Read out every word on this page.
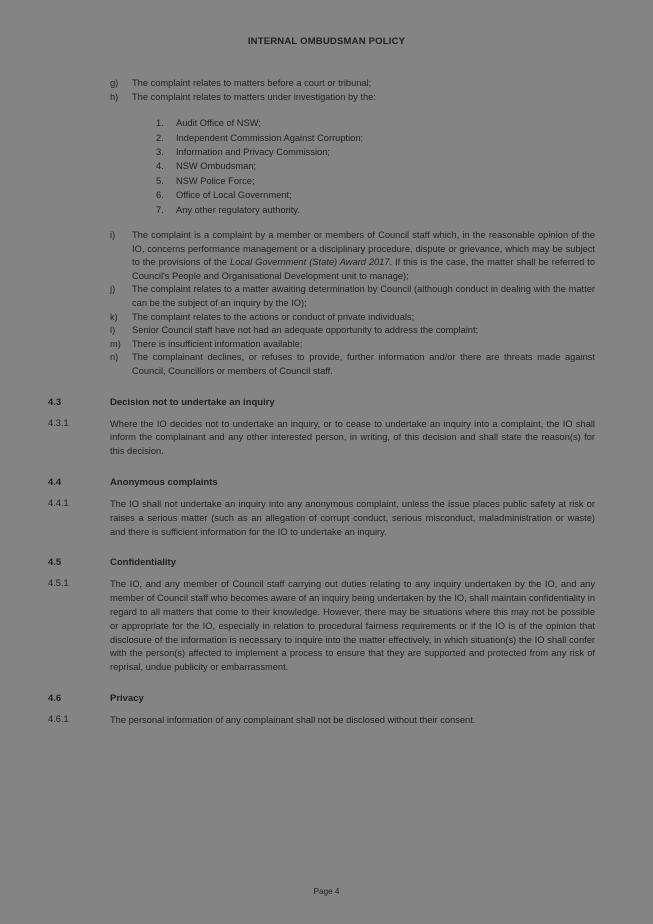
INTERNAL OMBUDSMAN POLICY
g)	The complaint relates to matters before a court or tribunal;
h)	The complaint relates to matters under investigation by the:
1.	Audit Office of NSW;
2.	Independent Commission Against Corruption;
3.	Information and Privacy Commission;
4.	NSW Ombudsman;
5.	NSW Police Force;
6.	Office of Local Government;
7.	Any other regulatory authority.
i)	The complaint is a complaint by a member or members of Council staff which, in the reasonable opinion of the IO, concerns performance management or a disciplinary procedure, dispute or grievance, which may be subject to the provisions of the Local Government (State) Award 2017. If this is the case, the matter shall be referred to Council's People and Organisational Development unit to manage);
j)	The complaint relates to a matter awaiting determination by Council (although conduct in dealing with the matter can be the subject of an inquiry by the IO);
k)	The complaint relates to the actions or conduct of private individuals;
l)	Senior Council staff have not had an adequate opportunity to address the complaint;
m)	There is insufficient information available;
n)	The complainant declines, or refuses to provide, further information and/or there are threats made against Council, Councillors or members of Council staff.
4.3	Decision not to undertake an inquiry
4.3.1	Where the IO decides not to undertake an inquiry, or to cease to undertake an inquiry into a complaint, the IO shall inform the complainant and any other interested person, in writing, of this decision and shall state the reason(s) for this decision.
4.4	Anonymous complaints
4.4.1	The IO shall not undertake an inquiry into any anonymous complaint, unless the issue places public safety at risk or raises a serious matter (such as an allegation of corrupt conduct, serious misconduct, maladministration or waste) and there is sufficient information for the IO to undertake an inquiry.
4.5	Confidentiality
4.5.1	The IO, and any member of Council staff carrying out duties relating to any inquiry undertaken by the IO, and any member of Council staff who becomes aware of an inquiry being undertaken by the IO, shall maintain confidentiality in regard to all matters that come to their knowledge. However, there may be situations where this may not be possible or appropriate for the IO, especially in relation to procedural fairness requirements or if the IO is of the opinion that disclosure of the information is necessary to inquire into the matter effectively, in which situation(s) the IO shall confer with the person(s) affected to implement a process to ensure that they are supported and protected from any risk of reprisal, undue publicity or embarrassment.
4.6	Privacy
4.6.1	The personal information of any complainant shall not be disclosed without their consent.
Page 4
